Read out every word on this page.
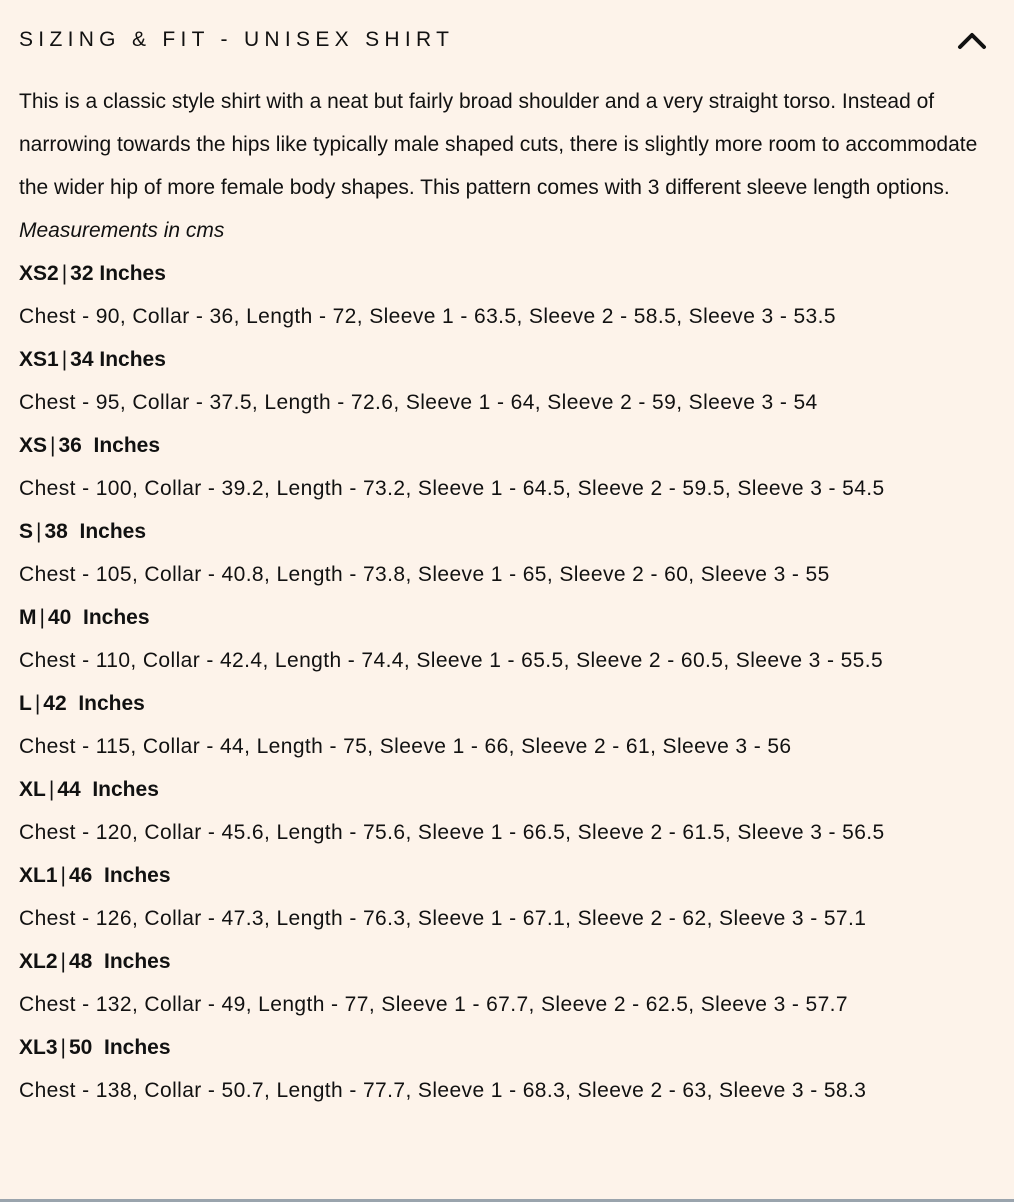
SIZING & FIT - UNISEX SHIRT

This is a classic style shirt with a neat but fairly broad shoulder and a very straight torso. Instead of narrowing towards the hips like typically male shaped cuts, there is slightly more room to accommodate the wider hip of more female body shapes. This pattern comes with 3 different sleeve length options.

Measurements in cms

XS2 | 32 Inches

Chest - 90, Collar - 36, Length - 72, Sleeve 1 - 63.5, Sleeve 2 - 58.5, Sleeve 3 - 53.5

XS1 | 34 Inches

Chest - 95, Collar - 37.5, Length - 72.6, Sleeve 1 - 64, Sleeve 2 - 59, Sleeve 3 - 54

XS | 36  Inches

Chest - 100, Collar - 39.2, Length - 73.2, Sleeve 1 - 64.5, Sleeve 2 - 59.5, Sleeve 3 - 54.5

S | 38  Inches

Chest - 105, Collar - 40.8, Length - 73.8, Sleeve 1 - 65, Sleeve 2 - 60, Sleeve 3 - 55

M | 40  Inches

Chest - 110, Collar - 42.4, Length - 74.4, Sleeve 1 - 65.5, Sleeve 2 - 60.5, Sleeve 3 - 55.5

L | 42  Inches

Chest - 115, Collar - 44, Length - 75, Sleeve 1 - 66, Sleeve 2 - 61, Sleeve 3 - 56

XL | 44  Inches

Chest - 120, Collar - 45.6, Length - 75.6, Sleeve 1 - 66.5, Sleeve 2 - 61.5, Sleeve 3 - 56.5

XL1 | 46  Inches

Chest - 126, Collar - 47.3, Length - 76.3, Sleeve 1 - 67.1, Sleeve 2 - 62, Sleeve 3 - 57.1

XL2 | 48  Inches

Chest - 132, Collar - 49, Length - 77, Sleeve 1 - 67.7, Sleeve 2 - 62.5, Sleeve 3 - 57.7

XL3 | 50  Inches

Chest - 138, Collar - 50.7, Length - 77.7, Sleeve 1 - 68.3, Sleeve 2 - 63, Sleeve 3 - 58.3
